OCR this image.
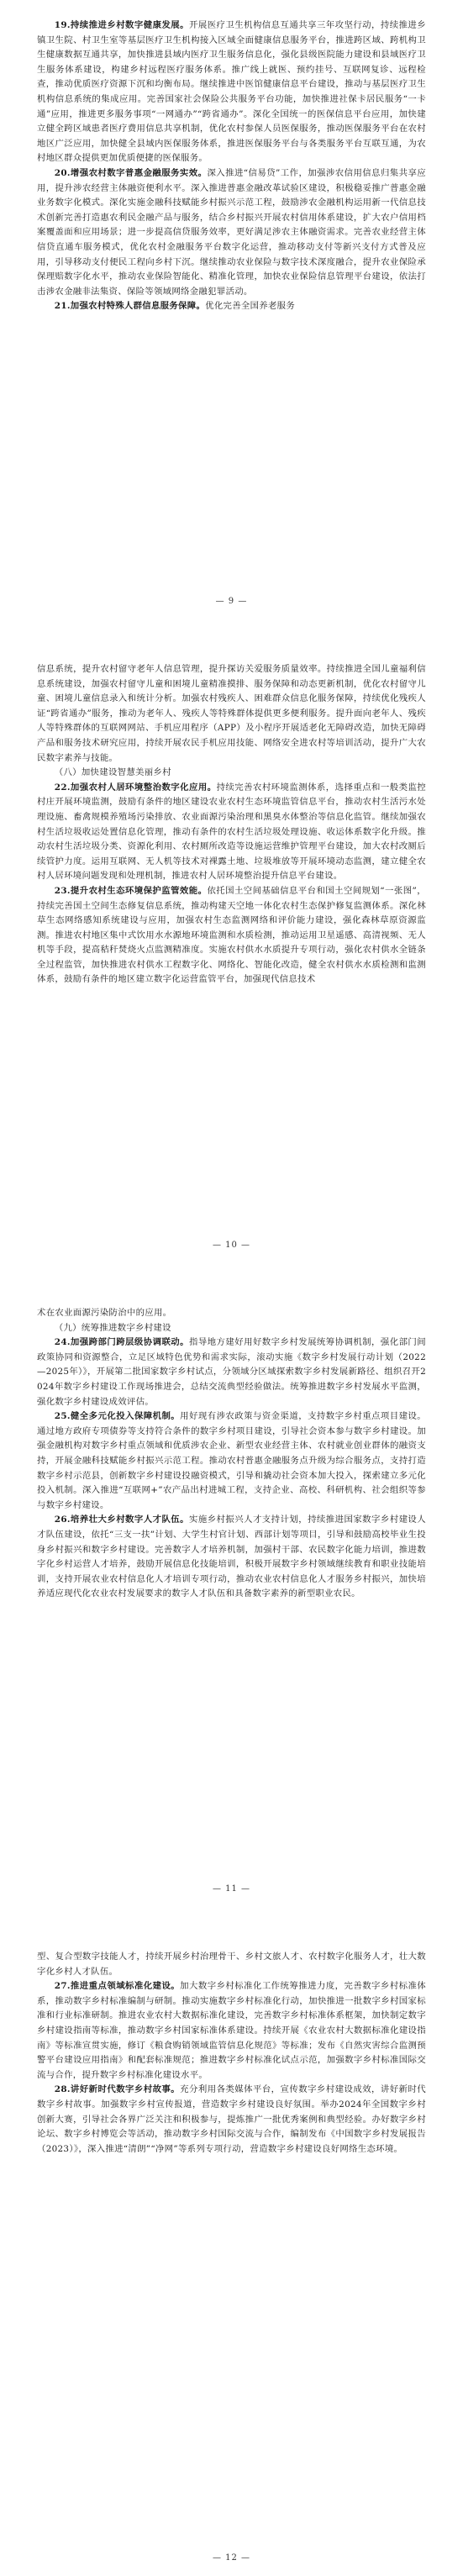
19.持续推进乡村数字健康发展。开展医疗卫生机构信息互通共享三年攻坚行动，持续推进乡镇卫生院、村卫生室等基层医疗卫生机构接入区域全面健康信息服务平台，推进跨区域、跨机构卫生健康数据互通共享，加快推进县域内医疗卫生服务信息化，强化县级医院能力建设和县域医疗卫生服务体系建设，构建乡村远程医疗服务体系。推广线上就医、预约挂号、互联网复诊、远程检查，推动优质医疗资源下沉和均衡布局。继续推进中医馆健康信息平台建设，推动与基层医疗卫生机构信息系统的集成应用。完善国家社会保险公共服务平台功能，加快推进社保卡居民服务“一卡通”应用，推进更多服务事项“一网通办”“跨省通办”。深化全国统一的医保信息平台应用，加快建立健全跨区域患者医疗费用信息共享机制，优化农村参保人员医保服务，推动医保服务平台在农村地区广泛应用，加快健全县域内医保服务体系，推进医保服务平台与各类服务平台互联互通，为农村地区群众提供更加优质便捷的医保服务。

20.增强农村数字普惠金融服务实效。深入推进“信易贷”工作，加强涉农信用信息归集共享应用，提升涉农经营主体融资便利水平。深入推进普惠金融改革试验区建设，积极稳妥推广普惠金融业务数字化模式。深化实施金融科技赋能乡村振兴示范工程，鼓励涉农金融机构运用新一代信息技术创新完善打造惠农利民金融产品与服务，结合乡村振兴开展农村信用体系建设，扩大农户信用档案覆盖面和应用场景；进一步提高信贷服务效率，更好满足涉农主体融资需求。完善农业经营主体信贷直通车服务模式，优化农村金融服务平台数字化运营，推动移动支付等新兴支付方式普及应用，引导移动支付便民工程向乡村下沉。继续推动农业保险与数字技术深度融合，提升农业保险承保理赔数字化水平，推动农业保险智能化、精准化管理，加快农业保险信息管理平台建设，依法打击涉农金融非法集资、保险等领域网络金融犯罪活动。

21.加强农村特殊人群信息服务保障。优化完善全国养老服务

— 9 —

信息系统，提升农村留守老年人信息管理，提升探访关爱服务质量效率。持续推进全国儿童福利信息系统建设，加强农村留守儿童和困境儿童精准摸排、服务保障和动态更新机制，优化农村留守儿童、困境儿童信息录入和统计分析。加强农村残疾人、困难群众信息化服务保障，持续优化残疾人证“跨省通办”服务，推动为老年人、残疾人等特殊群体提供更多便利服务。提升面向老年人、残疾人等特殊群体的互联网网站、手机应用程序（APP）及小程序开展适老化无障碍改造，加快无障碍产品和服务技术研究应用，持续开展农民手机应用技能、网络安全进农村等培训活动，提升广大农民数字素养与技能。

（八）加快建设智慧美丽乡村

22.加强农村人居环境整治数字化应用。持续完善农村环境监测体系，选择重点和一般类监控村庄开展环境监测，鼓励有条件的地区建设农业农村生态环境监管信息平台，推动农村生活污水处理设施、畜禽规模养殖场污染排放、农业面源污染治理和黑臭水体整治等信息化监管。继续加强农村生活垃圾收运处置信息化管理，推动有条件的农村生活垃圾处理设施、收运体系数字化升级。推动农村生活垃圾分类、资源化利用、农村厕所改造等设施运营维护管理平台建设，加大农村改厕后续管护力度。运用互联网、无人机等技术对裸露土地、垃圾堆放等开展环境动态监测，建立健全农村人居环境问题发现和处理机制，推进农村人居环境整治提升信息平台建设。

23.提升农村生态环境保护监管效能。依托国土空间基础信息平台和国土空间规划“一张图”，持续完善国土空间生态修复信息系统，推动构建天空地一体化农村生态保护修复监测体系。深化林草生态网络感知系统建设与应用，加强农村生态监测网络和评价能力建设，强化森林草原资源监测。推进农村地区集中式饮用水水源地环境监测和水质检测，推动运用卫星遥感、高清视频、无人机等手段，提高秸秆焚烧火点监测精准度。实施农村供水水质提升专项行动，强化农村供水全链条全过程监管，加快推进农村供水工程数字化、网络化、智能化改造，健全农村供水水质检测和监测体系，鼓励有条件的地区建立数字化运营监管平台，加强现代信息技术

— 10 —

术在农业面源污染防治中的应用。

（九）统筹推进数字乡村建设

24.加强跨部门跨层级协调联动。指导地方建好用好数字乡村发展统筹协调机制，强化部门间政策协同和资源整合，立足区域特色优势和需求实际，滚动实施《数字乡村发展行动计划（2022—2025年）》，开展第二批国家数字乡村试点，分领域分区域探索数字乡村发展新路径、组织召开2024年数字乡村建设工作现场推进会，总结交流典型经验做法。统筹推进数字乡村发展水平监测，强化数字乡村建设成效评估。

25.健全多元化投入保障机制。用好现有涉农政策与资金渠道，支持数字乡村重点项目建设。通过地方政府专项债券等支持符合条件的数字乡村项目建设，引导社会资本参与数字乡村建设。加强金融机构对数字乡村重点领域和优质涉农企业、新型农业经营主体、农村就业创业群体的融资支持，开展金融科技赋能乡村振兴示范工程。推动农村普惠金融服务点升级为综合服务点，支持打造数字乡村示范县，创新数字乡村建设投融资模式，引导和撬动社会资本加大投入，探索建立多元化投入机制。深入推进“互联网+”农产品出村进城工程，支持企业、高校、科研机构、社会组织等参与数字乡村建设。

26.培养壮大乡村数字人才队伍。实施乡村振兴人才支持计划，持续推进国家数字乡村建设人才队伍建设，依托“三支一扶”计划、大学生村官计划、西部计划等项目，引导和鼓励高校毕业生投身乡村振兴和数字乡村建设。完善数字人才培养机制，加强村干部、农民数字化能力培训，推进数字化乡村运营人才培养，鼓励开展信息化技能培训，积极开展数字乡村领域继续教育和职业技能培训，支持开展农业农村信息化人才培训专项行动，推动农业农村信息化人才服务乡村振兴，加快培养适应现代化农业农村发展要求的数字人才队伍和具备数字素养的新型职业农民。

— 11 —

型、复合型数字技能人才，持续开展乡村治理骨干、乡村文旅人才、农村数字化服务人才，壮大数字化乡村人才队伍。

27.推进重点领域标准化建设。加大数字乡村标准化工作统筹推进力度，完善数字乡村标准体系，推动数字乡村标准编制与研制。推动实施数字乡村标准化行动，加快推进一批数字乡村国家标准和行业标准研制。推进农业农村大数据标准化建设，完善数字乡村标准体系框架，加快制定数字乡村建设指南等标准，推动数字乡村国家标准体系建设。持续开展《农业农村大数据标准化建设指南》等标准宣贯实施，修订《粮食购销领域监管信息化规范》等标准；发布《自然灾害综合监测预警平台建设应用指南》和配套标准规范；推进数字乡村标准化试点示范，加强数字乡村标准国际交流与合作，提升数字乡村标准化建设水平。

28.讲好新时代数字乡村故事。充分利用各类媒体平台，宣传数字乡村建设成效，讲好新时代数字乡村故事。加强数字乡村宣传报道，营造数字乡村建设良好氛围。举办2024年全国数字乡村创新大赛，引导社会各界广泛关注和积极参与，提炼推广一批优秀案例和典型经验。办好数字乡村论坛、数字乡村博览会等活动，推动数字乡村国际交流与合作，编制发布《中国数字乡村发展报告（2023）》，深入推进“清朗”“净网”等系列专项行动，营造数字乡村建设良好网络生态环境。

— 12 —
